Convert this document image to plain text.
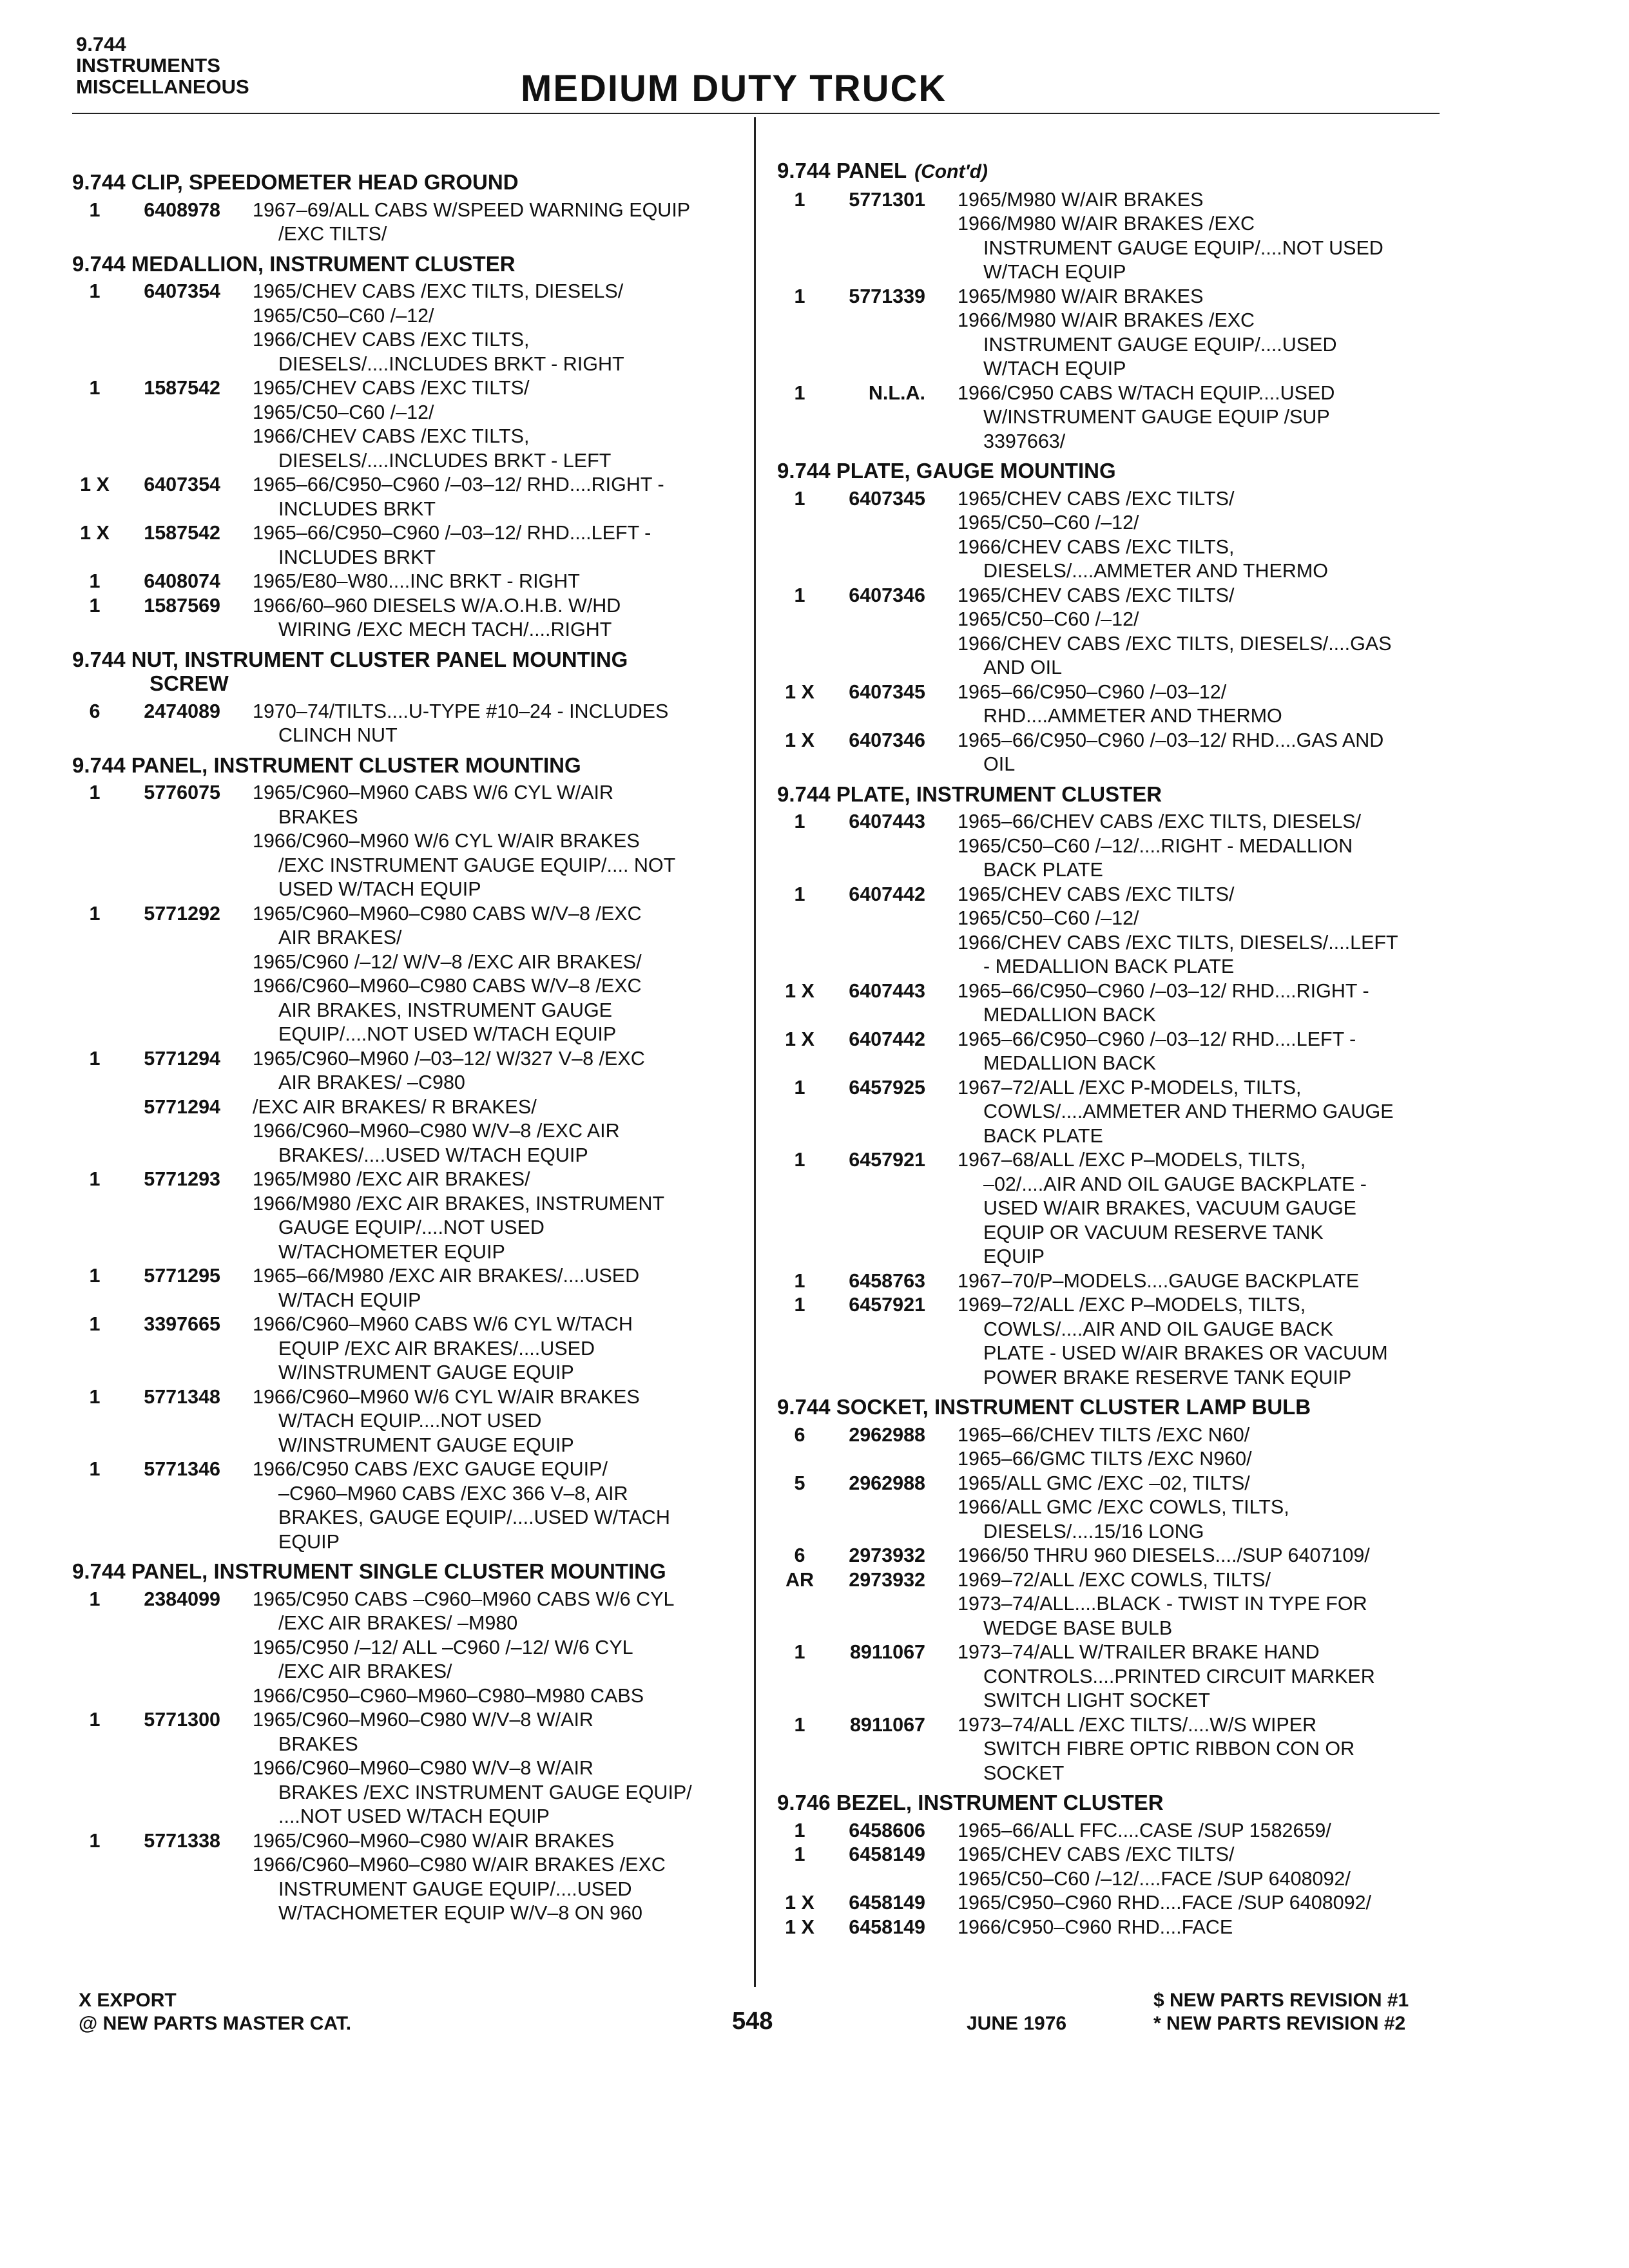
9.744
INSTRUMENTS
MISCELLANEOUS	MEDIUM DUTY TRUCK
9.744 CLIP, SPEEDOMETER HEAD GROUND
1	6408978 1967–69/ALL CABS W/SPEED WARNING EQUIP
/EXC TILTS/
9.744 MEDALLION, INSTRUMENT CLUSTER
1	6407354 1965/CHEV CABS /EXC TILTS, DIESELS/
1965/C50–C60 /–12/
1966/CHEV CABS /EXC TILTS,
DIESELS/....INCLUDES BRKT - RIGHT
1	1587542 1965/CHEV CABS /EXC TILTS/
1965/C50–C60 /–12/
1966/CHEV CABS /EXC TILTS,
DIESELS/....INCLUDES BRKT - LEFT
1 X	6407354 1965–66/C950–C960 /–03–12/ RHD....RIGHT -
INCLUDES BRKT
1 X	1587542 1965–66/C950–C960 /–03–12/ RHD....LEFT -
INCLUDES BRKT
1	6408074 1965/E80–W80....INC BRKT - RIGHT
1	1587569 1966/60–960 DIESELS W/A.O.H.B. W/HD
WIRING /EXC MECH TACH/....RIGHT
9.744 NUT, INSTRUMENT CLUSTER PANEL MOUNTING
SCREW
6	2474089 1970–74/TILTS....U-TYPE #10–24 - INCLUDES
CLINCH NUT
9.744 PANEL, INSTRUMENT CLUSTER MOUNTING
1	5776075 1965/C960–M960 CABS W/6 CYL W/AIR
BRAKES
1966/C960–M960 W/6 CYL W/AIR BRAKES
/EXC INSTRUMENT GAUGE EQUIP/.... NOT
USED W/TACH EQUIP
1	5771292 1965/C960–M960–C980 CABS W/V–8 /EXC
AIR BRAKES/
1965/C960 /–12/ W/V–8 /EXC AIR BRAKES/
1966/C960–M960–C980 CABS W/V–8 /EXC
AIR BRAKES, INSTRUMENT GAUGE
EQUIP/....NOT USED W/TACH EQUIP
1	5771294 1965/C960–M960 /–03–12/ W/327 V–8 /EXC
AIR BRAKES/ –C980
5771294 /EXC AIR BRAKES/ R BRAKES/
1966/C960–M960–C980 W/V–8 /EXC AIR
BRAKES/....USED W/TACH EQUIP
1	5771293 1965/M980 /EXC AIR BRAKES/
1966/M980 /EXC AIR BRAKES, INSTRUMENT
GAUGE EQUIP/....NOT USED
W/TACHOMETER EQUIP
1	5771295 1965–66/M980 /EXC AIR BRAKES/....USED
W/TACH EQUIP
1	3397665 1966/C960–M960 CABS W/6 CYL W/TACH
EQUIP /EXC AIR BRAKES/....USED
W/INSTRUMENT GAUGE EQUIP
1	5771348 1966/C960–M960 W/6 CYL W/AIR BRAKES
W/TACH EQUIP....NOT USED
W/INSTRUMENT GAUGE EQUIP
1	5771346 1966/C950 CABS /EXC GAUGE EQUIP/
–C960–M960 CABS /EXC 366 V–8, AIR
BRAKES, GAUGE EQUIP/....USED W/TACH
EQUIP
9.744 PANEL, INSTRUMENT SINGLE CLUSTER MOUNTING
1	2384099 1965/C950 CABS –C960–M960 CABS W/6 CYL
/EXC AIR BRAKES/ –M980
1965/C950 /–12/ ALL –C960 /–12/ W/6 CYL
/EXC AIR BRAKES/
1966/C950–C960–M960–C980–M980 CABS
1	5771300 1965/C960–M960–C980 W/V–8 W/AIR
BRAKES
1966/C960–M960–C980 W/V–8 W/AIR
BRAKES /EXC INSTRUMENT GAUGE EQUIP/
....NOT USED W/TACH EQUIP
1	5771338 1965/C960–M960–C980 W/AIR BRAKES
1966/C960–M960–C980 W/AIR BRAKES /EXC
INSTRUMENT GAUGE EQUIP/....USED
W/TACHOMETER EQUIP W/V–8 ON 960
9.744 PANEL (Cont'd)
1	5771301 1965/M980 W/AIR BRAKES
1966/M980 W/AIR BRAKES /EXC
INSTRUMENT GAUGE EQUIP/....NOT USED
W/TACH EQUIP
1	5771339 1965/M980 W/AIR BRAKES
1966/M980 W/AIR BRAKES /EXC
INSTRUMENT GAUGE EQUIP/....USED
W/TACH EQUIP
1	N.L.A. 1966/C950 CABS W/TACH EQUIP....USED
W/INSTRUMENT GAUGE EQUIP /SUP
3397663/
9.744 PLATE, GAUGE MOUNTING
1	6407345 1965/CHEV CABS /EXC TILTS/
1965/C50–C60 /–12/
1966/CHEV CABS /EXC TILTS,
DIESELS/....AMMETER AND THERMO
1	6407346 1965/CHEV CABS /EXC TILTS/
1965/C50–C60 /–12/
1966/CHEV CABS /EXC TILTS, DIESELS/....GAS
AND OIL
1 X	6407345 1965–66/C950–C960 /–03–12/
RHD....AMMETER AND THERMO
1 X	6407346 1965–66/C950–C960 /–03–12/ RHD....GAS AND
OIL
9.744 PLATE, INSTRUMENT CLUSTER
1	6407443 1965–66/CHEV CABS /EXC TILTS, DIESELS/
1965/C50–C60 /–12/....RIGHT - MEDALLION
BACK PLATE
1	6407442 1965/CHEV CABS /EXC TILTS/
1965/C50–C60 /–12/
1966/CHEV CABS /EXC TILTS, DIESELS/....LEFT
- MEDALLION BACK PLATE
1 X	6407443 1965–66/C950–C960 /–03–12/ RHD....RIGHT -
MEDALLION BACK
1 X	6407442 1965–66/C950–C960 /–03–12/ RHD....LEFT -
MEDALLION BACK
1	6457925 1967–72/ALL /EXC P-MODELS, TILTS,
COWLS/....AMMETER AND THERMO GAUGE
BACK PLATE
1	6457921 1967–68/ALL /EXC P–MODELS, TILTS,
–02/....AIR AND OIL GAUGE BACKPLATE -
USED W/AIR BRAKES, VACUUM GAUGE
EQUIP OR VACUUM RESERVE TANK
EQUIP
1	6458763 1967–70/P–MODELS....GAUGE BACKPLATE
1	6457921 1969–72/ALL /EXC P–MODELS, TILTS,
COWLS/....AIR AND OIL GAUGE BACK
PLATE - USED W/AIR BRAKES OR VACUUM
POWER BRAKE RESERVE TANK EQUIP
9.744 SOCKET, INSTRUMENT CLUSTER LAMP BULB
6	2962988 1965–66/CHEV TILTS /EXC N60/
1965–66/GMC TILTS /EXC N960/
5	2962988 1965/ALL GMC /EXC –02, TILTS/
1966/ALL GMC /EXC COWLS, TILTS,
DIESELS/....15/16 LONG
6	2973932 1966/50 THRU 960 DIESELS..../SUP 6407109/
AR	2973932 1969–72/ALL /EXC COWLS, TILTS/
1973–74/ALL....BLACK - TWIST IN TYPE FOR
WEDGE BASE BULB
1	8911067 1973–74/ALL W/TRAILER BRAKE HAND
CONTROLS....PRINTED CIRCUIT MARKER
SWITCH LIGHT SOCKET
1	8911067 1973–74/ALL /EXC TILTS/....W/S WIPER
SWITCH FIBRE OPTIC RIBBON CON OR
SOCKET
9.746 BEZEL, INSTRUMENT CLUSTER
1	6458606 1965–66/ALL FFC....CASE /SUP 1582659/
1	6458149 1965/CHEV CABS /EXC TILTS/
1965/C50–C60 /–12/....FACE /SUP 6408092/
1 X	6458149 1965/C950–C960 RHD....FACE /SUP 6408092/
1 X	6458149 1966/C950–C960 RHD....FACE
X EXPORT
@ NEW PARTS MASTER CAT.	548	JUNE 1976
$ NEW PARTS REVISION #1
* NEW PARTS REVISION #2
